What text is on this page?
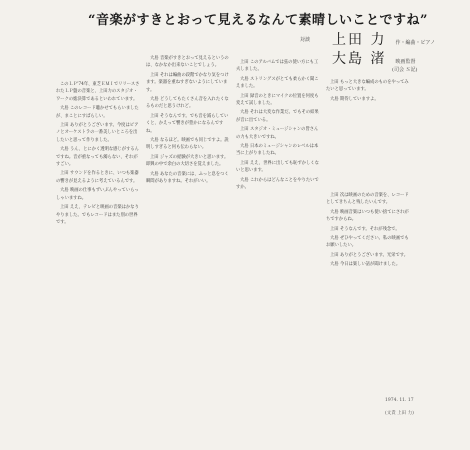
“音楽がすきとおって見えるなんて素晴しいことですね”
対談 上田 力 作・編曲・ピアノ
大島 渚 映画監督
(司会 Ｓ記)

このＬＰ'74年、東芝ＥＭＩでリリースされたＬＰ盤の音楽と、上田力のスタジオ・ワークの総決算であるといわれています。

大島 このレコード聴かせてもらいましたが、まことにすばらしい。

上田 ありがとうございます。今度はピアノとオーケストラの一番美しいところを出したいと思って作りました。

大島 うん、とにかく透明な感じがするんですね。音が重なっても濁らない、それがすごい。

上田 サウンドを作るときに、いつも楽器の響きが見えるように考えているんです。

大島 映画の仕事もずいぶんやっていらっしゃいますね。

上田 ええ、テレビと映画の音楽はかなりやりました。でもレコードはまた別の世界です。

大島 音楽がすきとおって見えるというのは、なかなか出来ないことでしょう。

上田 それは編曲の段階でかなり気をつけます。楽器を重ねすぎないようにしています。

大島 どうしてもたくさん音を入れたくなるものだと思うけれど。

上田 そうなんです。でも音を減らしていくと、かえって響きが豊かになるんですね。

大島 なるほど。映画でも同じですよ。説明しすぎると何も伝わらない。

上田 ジャズの経験が大きいと思います。即興の中で余白の大切さを覚えました。

大島 あなたの音楽には、ふっと息をつく瞬間がありますね。それがいい。

上田 このアルバムでは弦の使い方にも工夫しました。

大島 ストリングスがとても柔らかく聞こえました。

上田 録音のときにマイクの位置を何度も変えて試しました。

大島 それは大変な作業だ。でもその結果が音に出ている。

上田 スタジオ・ミュージシャンの皆さんの力も大きいですね。

大島 日本のミュージシャンのレベルは本当に上がりましたね。

上田 ええ、世界に出しても恥ずかしくないと思います。

大島 これからはどんなことをやりたいですか。

上田 もっと大きな編成のものをやってみたいと思っています。

大島 期待していますよ。

上田 次は映画のための音楽を、レコードとしてきちんと残したいんです。

大島 映画音楽はいつも使い捨てにされがちですからね。

上田 そうなんです。それが残念で。

大島 ぜひやってください。私の映画でもお願いしたい。

上田 ありがとうございます。光栄です。

大島 今日は楽しい話が聞けました。

1974. 11. 17
(文責 上田 力)
